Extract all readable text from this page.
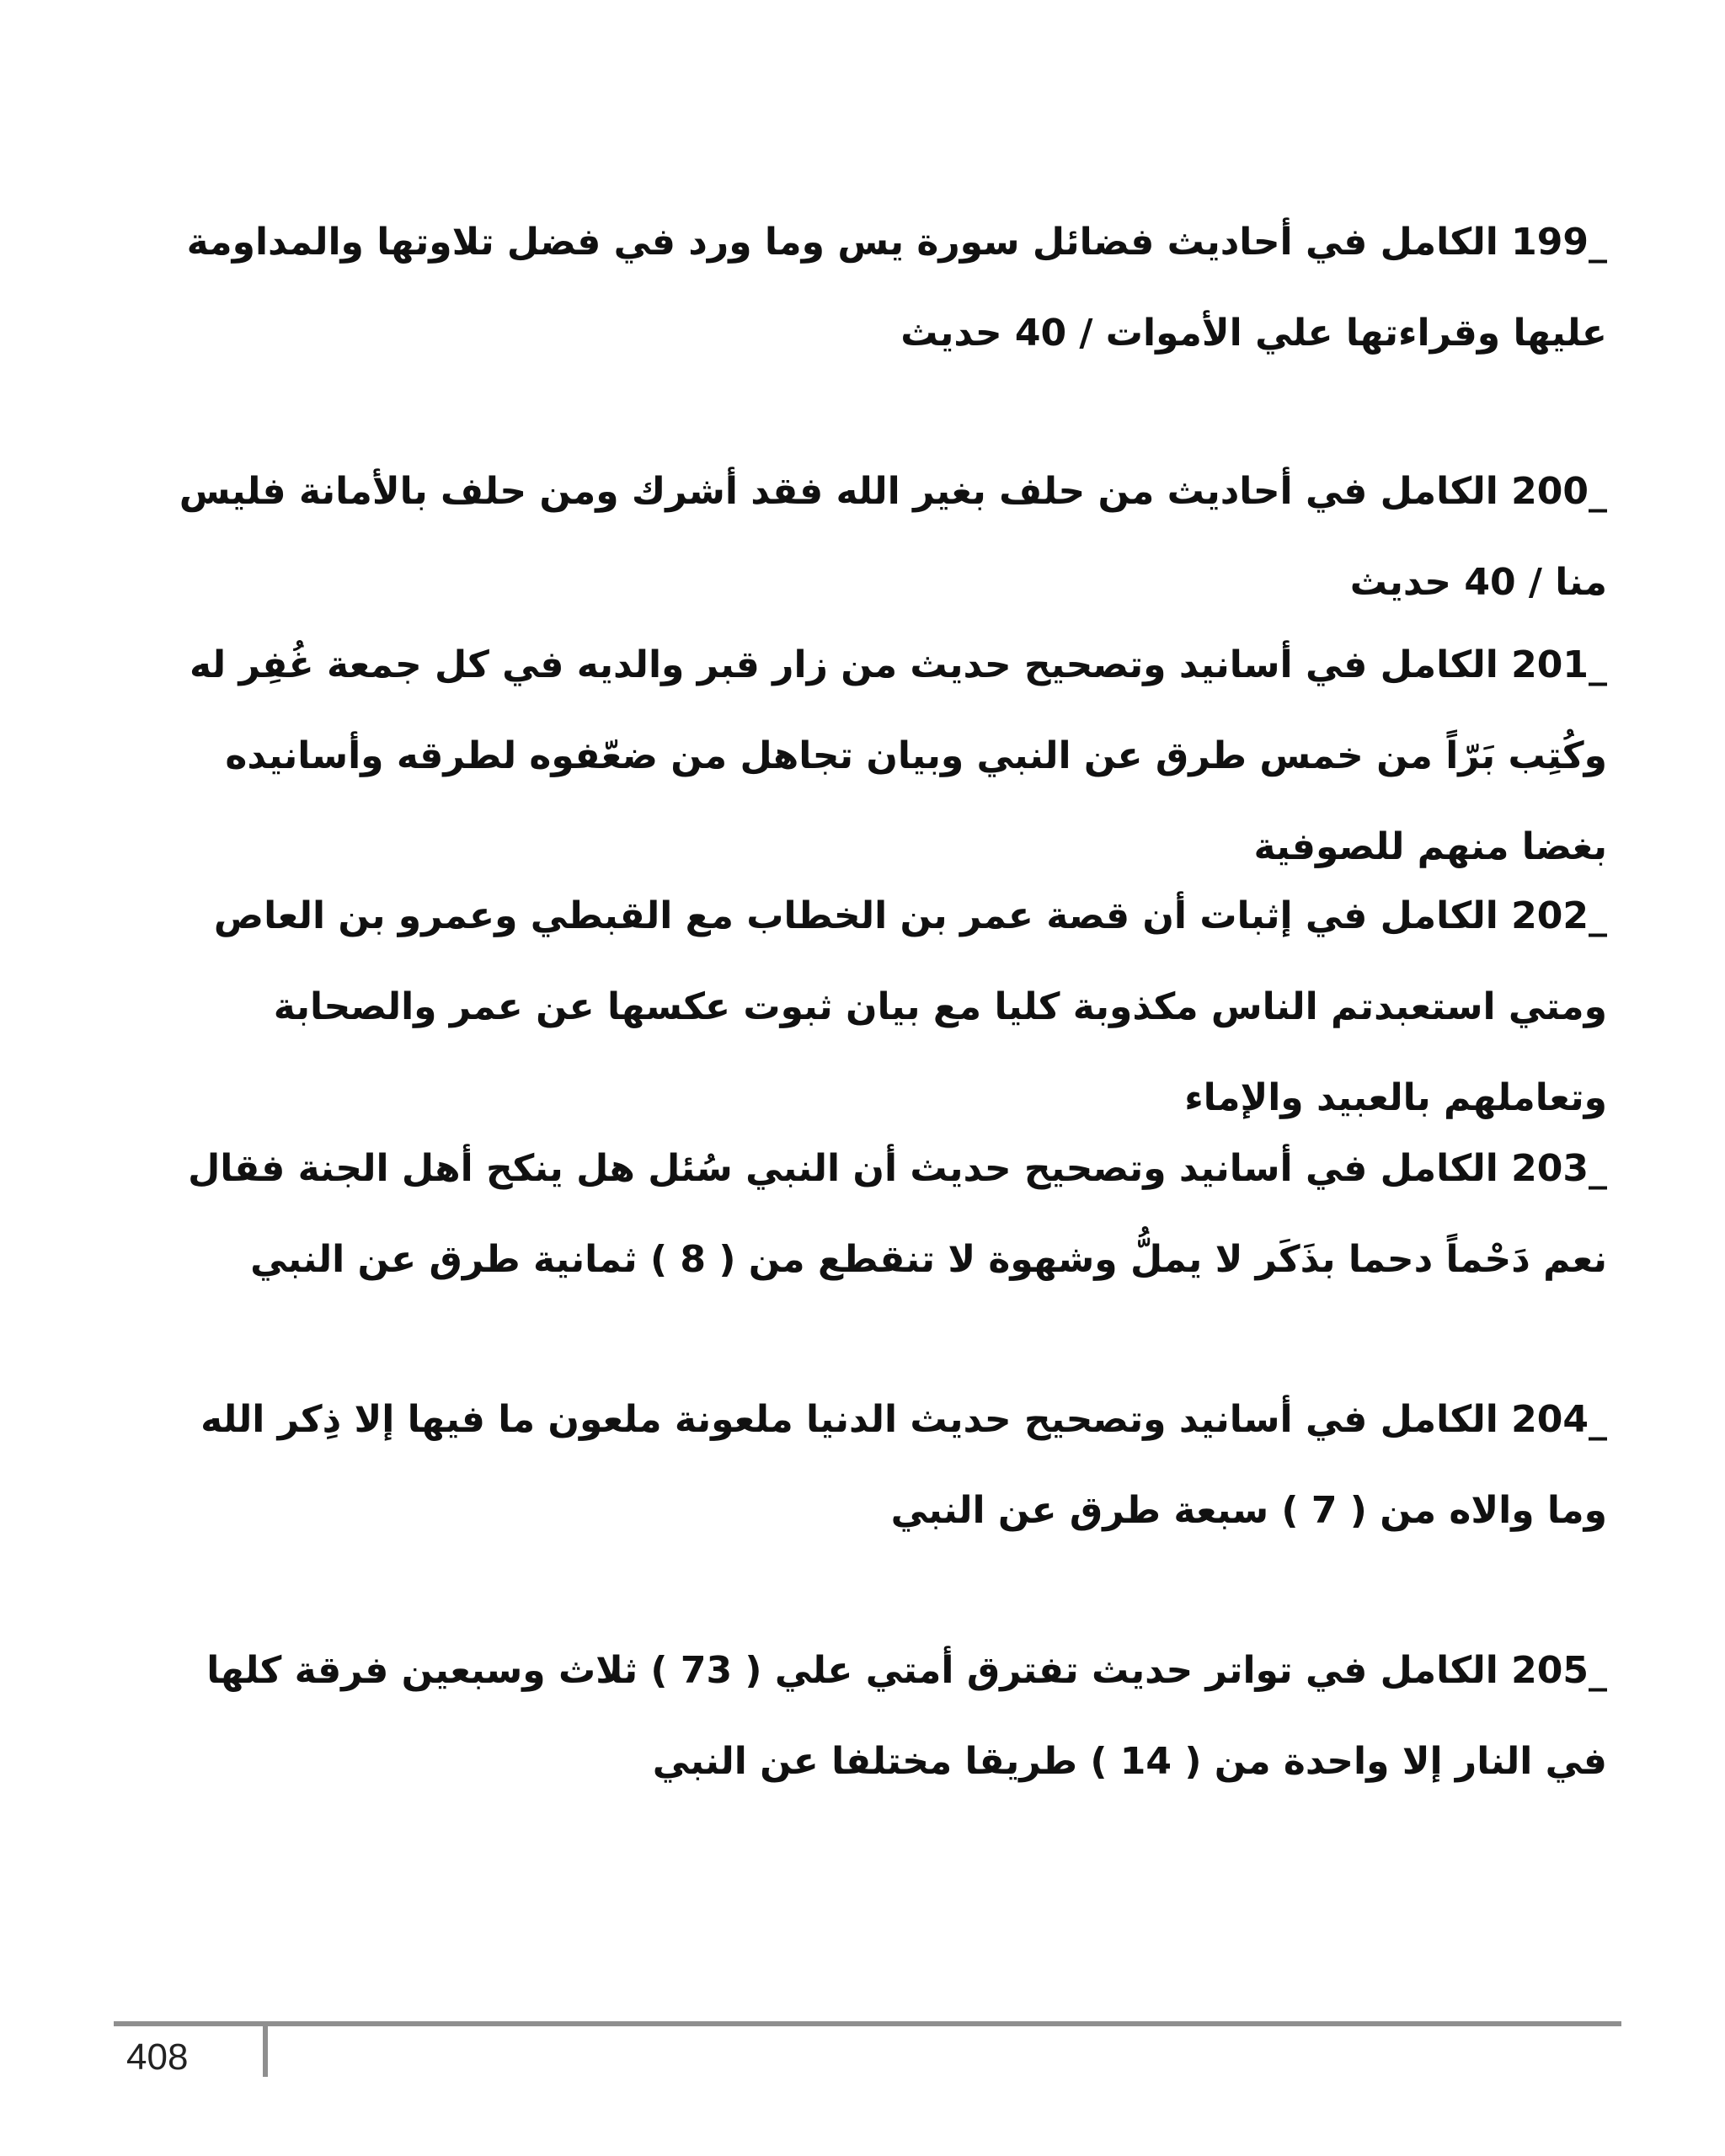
199_ الكامل في أحاديث فضائل سورة يس وما ورد في فضل تلاوتها والمداومة عليها وقراءتها علي الأموات / 40 حديث

200_ الكامل في أحاديث من حلف بغير الله فقد أشرك ومن حلف بالأمانة فليس منا / 40 حديث

201_ الكامل في أسانيد وتصحيح حديث من زار قبر والديه في كل جمعة غُفِر له وكُتِب بَرّاً من خمس طرق عن النبي وبيان تجاهل من ضعّفوه لطرقه وأسانيده بغضا منهم للصوفية

202_ الكامل في إثبات أن قصة عمر بن الخطاب مع القبطي وعمرو بن العاص ومتي استعبدتم الناس مكذوبة كليا مع بيان ثبوت عكسها عن عمر والصحابة وتعاملهم بالعبيد والإماء

203_ الكامل في أسانيد وتصحيح حديث أن النبي سُئل هل ينكح أهل الجنة فقال نعم دَحْماً دحما بذَكَر لا يملُّ وشهوة لا تنقطع من ( 8 ) ثمانية طرق عن النبي

204_ الكامل في أسانيد وتصحيح حديث الدنيا ملعونة ملعون ما فيها إلا ذِكر الله وما والاه من ( 7 ) سبعة طرق عن النبي

205_ الكامل في تواتر حديث تفترق أمتي علي ( 73 ) ثلاث وسبعين فرقة كلها في النار إلا واحدة من ( 14 ) طريقا مختلفا عن النبي

408
